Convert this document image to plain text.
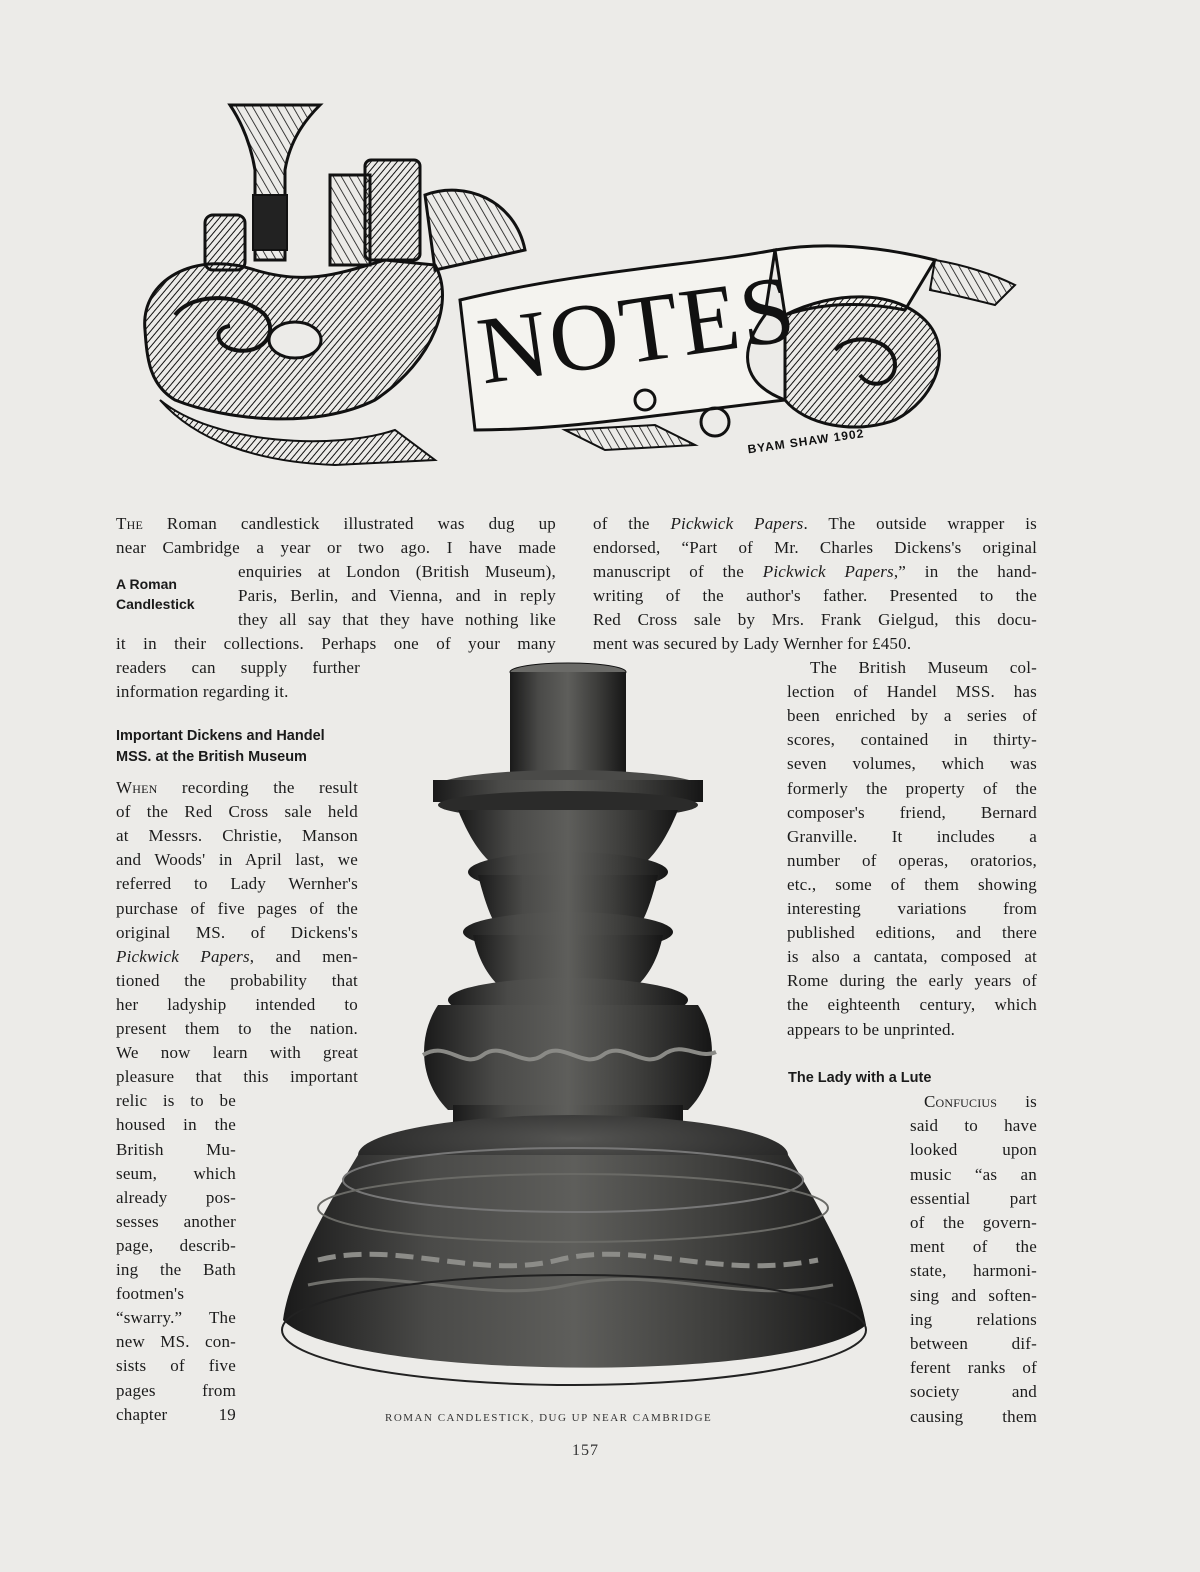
NOTES
BYAM SHAW 1902
The Roman candlestick illustrated was dug up
near Cambridge a year or two ago. I have made
A Roman
Candlestick
enquiries at London (British Museum),
Paris, Berlin, and Vienna, and in reply
they all say that they have nothing like
it in their collections. Perhaps one of your many
readers can supply further
information regarding it.
Important Dickens and Handel
MSS. at the British Museum
When recording the result
of the Red Cross sale held
at Messrs. Christie, Manson
and Woods' in April last, we
referred to Lady Wernher's
purchase of five pages of the
original MS. of Dickens's
Pickwick Papers, and men-
tioned the probability that
her ladyship intended to
present them to the nation.
We now learn with great
pleasure that this important
relic is to be
housed in the
British Mu-
seum, which
already pos-
sesses another
page, describ-
ing the Bath
footmen's
“swarry.” The
new MS. con-
sists of five
pages from
chapter 19
of the Pickwick Papers. The outside wrapper is
endorsed, “Part of Mr. Charles Dickens's original
manuscript of the Pickwick Papers,” in the hand-
writing of the author's father. Presented to the
Red Cross sale by Mrs. Frank Gielgud, this docu-
ment was secured by Lady Wernher for £450.
The British Museum col-
lection of Handel MSS. has
been enriched by a series of
scores, contained in thirty-
seven volumes, which was
formerly the property of the
composer's friend, Bernard
Granville. It includes a
number of operas, oratorios,
etc., some of them showing
interesting variations from
published editions, and there
is also a cantata, composed at
Rome during the early years of
the eighteenth century, which
appears to be unprinted.
The Lady with a Lute
Confucius is
said to have
looked upon
music “as an
essential part
of the govern-
ment of the
state, harmoni-
sing and soften-
ing relations
between dif-
ferent ranks of
society and
causing them
ROMAN CANDLESTICK, DUG UP NEAR CAMBRIDGE
157
